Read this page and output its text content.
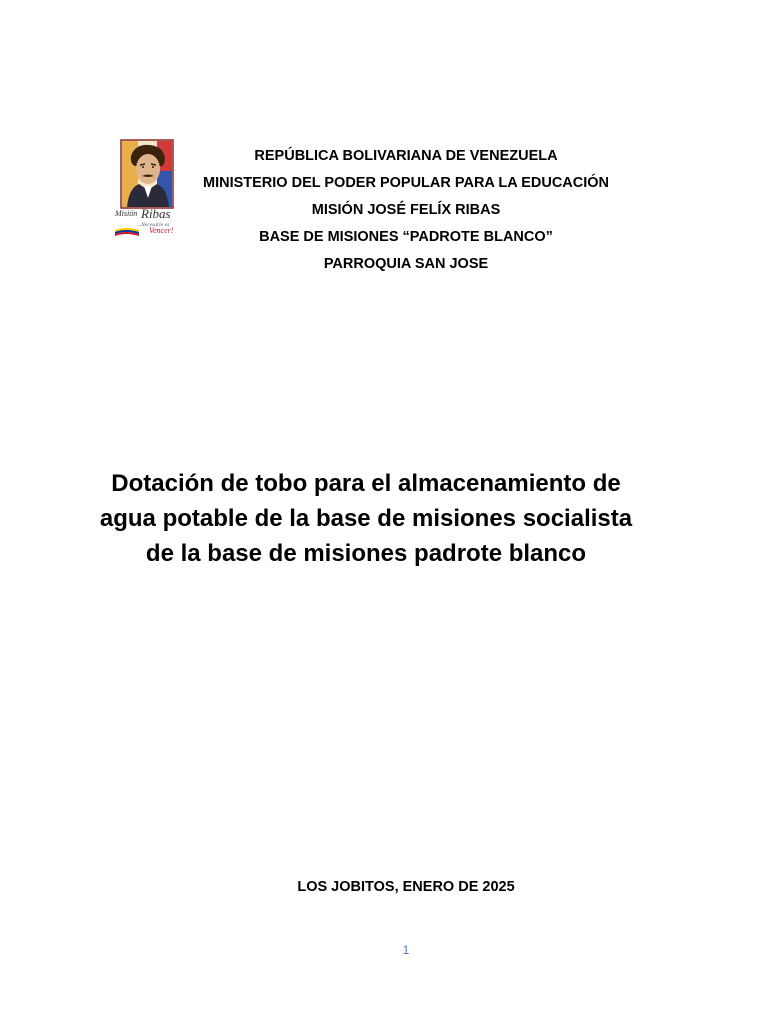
Misión Ribas
...Necesario es
Vencer!
REPÚBLICA BOLIVARIANA DE VENEZUELA
MINISTERIO DEL PODER POPULAR PARA LA EDUCACIÓN
MISIÓN JOSÉ FELÍX RIBAS
BASE DE MISIONES “PADROTE BLANCO”
PARROQUIA SAN JOSE
Dotación de tobo para el almacenamiento de
agua potable de la base de misiones socialista
de la base de misiones padrote blanco
LOS JOBITOS, ENERO DE 2025
1
